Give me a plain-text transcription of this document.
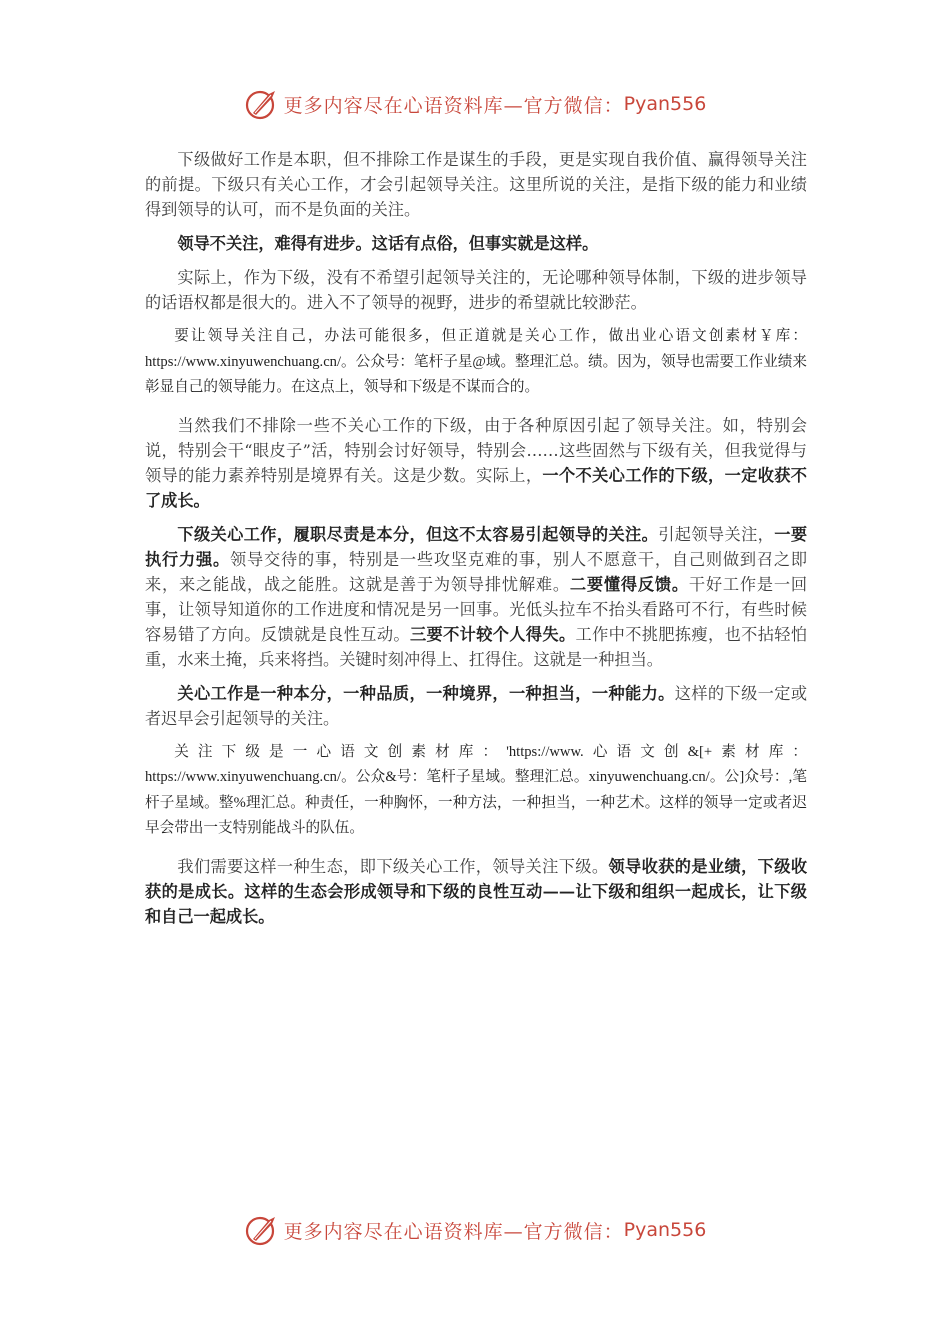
更多内容尽在心语资料库—官方微信： Pyan556

下级做好工作是本职，但不排除工作是谋生的手段，更是实现自我价值、赢得领导关注的前提。下级只有关心工作，才会引起领导关注。这里所说的关注，是指下级的能力和业绩得到领导的认可，而不是负面的关注。

领导不关注，难得有进步。这话有点俗，但事实就是这样。

实际上，作为下级，没有不希望引起领导关注的，无论哪种领导体制，下级的进步领导的话语权都是很大的。进入不了领导的视野，进步的希望就比较渺茫。

要让领导关注自己，办法可能很多，但正道就是关心工作，做出业心语文创素材￥库：https://www.xinyuwenchuang.cn/。公众号：笔杆子星@域。整理汇总。绩。因为，领导也需要工作业绩来彰显自己的领导能力。在这点上，领导和下级是不谋而合的。

当然我们不排除一些不关心工作的下级，由于各种原因引起了领导关注。如，特别会说，特别会干“眼皮子”活，特别会讨好领导，特别会……这些固然与下级有关，但我觉得与领导的能力素养特别是境界有关。这是少数。实际上，一个不关心工作的下级，一定收获不了成长。

下级关心工作，履职尽责是本分，但这不太容易引起领导的关注。引起领导关注，一要执行力强。领导交待的事，特别是一些攻坚克难的事，别人不愿意干，自己则做到召之即来，来之能战，战之能胜。这就是善于为领导排忧解难。二要懂得反馈。干好工作是一回事，让领导知道你的工作进度和情况是另一回事。光低头拉车不抬头看路可不行，有些时候容易错了方向。反馈就是良性互动。三要不计较个人得失。工作中不挑肥拣瘦，也不拈轻怕重，水来土掩，兵来将挡。关键时刻冲得上、扛得住。这就是一种担当。

关心工作是一种本分，一种品质，一种境界，一种担当，一种能力。这样的下级一定或者迟早会引起领导的关注。

关注下级是一心语文创素材库：'https://www.心语文创&[+素材库：https://www.xinyuwenchuang.cn/。公众&号：笔杆子星域。整理汇总。xinyuwenchuang.cn/。公]众号：,笔杆子星域。整%理汇总。种责任，一种胸怀，一种方法，一种担当，一种艺术。这样的领导一定或者迟早会带出一支特别能战斗的队伍。

我们需要这样一种生态，即下级关心工作，领导关注下级。领导收获的是业绩，下级收获的是成长。这样的生态会形成领导和下级的良性互动——让下级和组织一起成长，让下级和自己一起成长。

更多内容尽在心语资料库—官方微信： Pyan556
